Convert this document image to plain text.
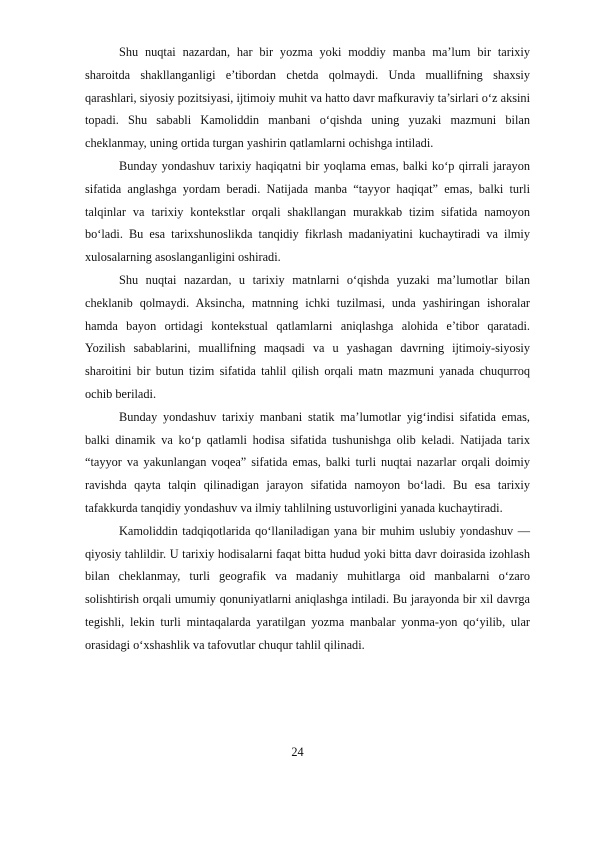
Shu nuqtai nazardan, har bir yozma yoki moddiy manba ma’lum bir tarixiy sharoitda shakllanganligi e’tibordan chetda qolmaydi. Unda muallifning shaxsiy qarashlari, siyosiy pozitsiyasi, ijtimoiy muhit va hatto davr mafkuraviy ta’sirlari o‘z aksini topadi. Shu sababli Kamoliddin manbani o‘qishda uning yuzaki mazmuni bilan cheklanmay, uning ortida turgan yashirin qatlamlarni ochishga intiladi.

Bunday yondashuv tarixiy haqiqatni bir yoqlama emas, balki ko‘p qirrali jarayon sifatida anglashga yordam beradi. Natijada manba “tayyor haqiqat” emas, balki turli talqinlar va tarixiy kontekstlar orqali shakllangan murakkab tizim sifatida namoyon bo‘ladi. Bu esa tarixshunoslikda tanqidiy fikrlash madaniyatini kuchaytiradi va ilmiy xulosalarning asoslanganligini oshiradi.

Shu nuqtai nazardan, u tarixiy matnlarni o‘qishda yuzaki ma’lumotlar bilan cheklanib qolmaydi. Aksincha, matnning ichki tuzilmasi, unda yashiringan ishoralar hamda bayon ortidagi kontekstual qatlamlarni aniqlashga alohida e’tibor qaratadi. Yozilish sabablarini, muallifning maqsadi va u yashagan davrning ijtimoiy-siyosiy sharoitini bir butun tizim sifatida tahlil qilish orqali matn mazmuni yanada chuqurroq ochib beriladi.

Bunday yondashuv tarixiy manbani statik ma’lumotlar yig‘indisi sifatida emas, balki dinamik va ko‘p qatlamli hodisa sifatida tushunishga olib keladi. Natijada tarix “tayyor va yakunlangan voqea” sifatida emas, balki turli nuqtai nazarlar orqali doimiy ravishda qayta talqin qilinadigan jarayon sifatida namoyon bo‘ladi. Bu esa tarixiy tafakkurda tanqidiy yondashuv va ilmiy tahlilning ustuvorligini yanada kuchaytiradi.

Kamoliddin tadqiqotlarida qo‘llaniladigan yana bir muhim uslubiy yondashuv — qiyosiy tahlildir. U tarixiy hodisalarni faqat bitta hudud yoki bitta davr doirasida izohlash bilan cheklanmay, turli geografik va madaniy muhitlarga oid manbalarni o‘zaro solishtirish orqali umumiy qonuniyatlarni aniqlashga intiladi. Bu jarayonda bir xil davrga tegishli, lekin turli mintaqalarda yaratilgan yozma manbalar yonma-yon qo‘yilib, ular orasidagi o‘xshashlik va tafovutlar chuqur tahlil qilinadi.

24
